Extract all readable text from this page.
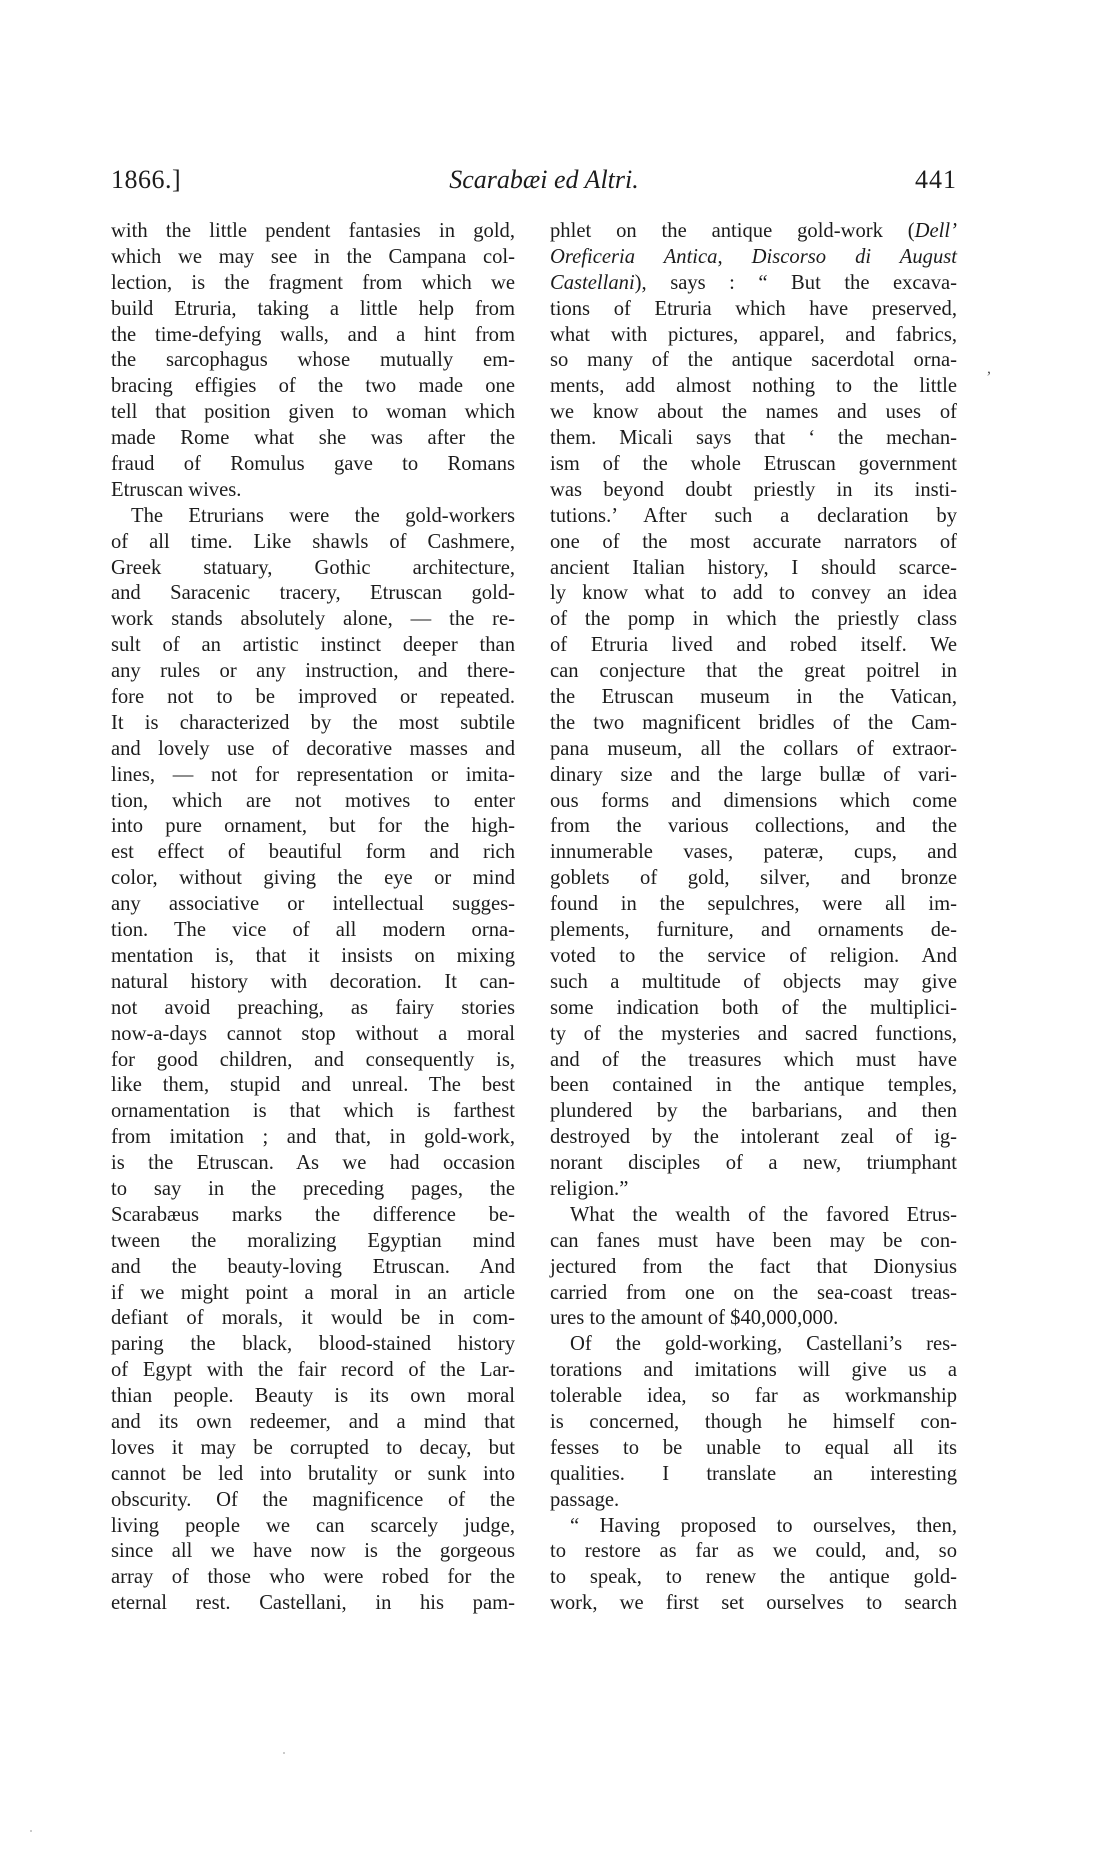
1866.]	Scarabæi ed Altri.	441
with the little pendent fantasies in gold,
which we may see in the Campana col-
lection, is the fragment from which we
build Etruria, taking a little help from
the time-defying walls, and a hint from
the sarcophagus whose mutually em-
bracing effigies of the two made one
tell that position given to woman which
made Rome what she was after the
fraud of Romulus gave to Romans
Etruscan wives.
The Etrurians were the gold-workers
of all time. Like shawls of Cashmere,
Greek statuary, Gothic architecture,
and Saracenic tracery, Etruscan gold-
work stands absolutely alone, — the re-
sult of an artistic instinct deeper than
any rules or any instruction, and there-
fore not to be improved or repeated.
It is characterized by the most subtile
and lovely use of decorative masses and
lines, — not for representation or imita-
tion, which are not motives to enter
into pure ornament, but for the high-
est effect of beautiful form and rich
color, without giving the eye or mind
any associative or intellectual sugges-
tion. The vice of all modern orna-
mentation is, that it insists on mixing
natural history with decoration. It can-
not avoid preaching, as fairy stories
now-a-days cannot stop without a moral
for good children, and consequently is,
like them, stupid and unreal. The best
ornamentation is that which is farthest
from imitation ; and that, in gold-work,
is the Etruscan. As we had occasion
to say in the preceding pages, the
Scarabæus marks the difference be-
tween the moralizing Egyptian mind
and the beauty-loving Etruscan. And
if we might point a moral in an article
defiant of morals, it would be in com-
paring the black, blood-stained history
of Egypt with the fair record of the Lar-
thian people. Beauty is its own moral
and its own redeemer, and a mind that
loves it may be corrupted to decay, but
cannot be led into brutality or sunk into
obscurity. Of the magnificence of the
living people we can scarcely judge,
since all we have now is the gorgeous
array of those who were robed for the
eternal rest. Castellani, in his pam-
phlet on the antique gold-work (Dell’
Oreficeria Antica, Discorso di August
Castellani), says : “ But the excava-
tions of Etruria which have preserved,
what with pictures, apparel, and fabrics,
so many of the antique sacerdotal orna-
ments, add almost nothing to the little
we know about the names and uses of
them. Micali says that ‘ the mechan-
ism of the whole Etruscan government
was beyond doubt priestly in its insti-
tutions.’ After such a declaration by
one of the most accurate narrators of
ancient Italian history, I should scarce-
ly know what to add to convey an idea
of the pomp in which the priestly class
of Etruria lived and robed itself. We
can conjecture that the great poitrel in
the Etruscan museum in the Vatican,
the two magnificent bridles of the Cam-
pana museum, all the collars of extraor-
dinary size and the large bullæ of vari-
ous forms and dimensions which come
from the various collections, and the
innumerable vases, pateræ, cups, and
goblets of gold, silver, and bronze
found in the sepulchres, were all im-
plements, furniture, and ornaments de-
voted to the service of religion. And
such a multitude of objects may give
some indication both of the multiplici-
ty of the mysteries and sacred functions,
and of the treasures which must have
been contained in the antique temples,
plundered by the barbarians, and then
destroyed by the intolerant zeal of ig-
norant disciples of a new, triumphant
religion.”
What the wealth of the favored Etrus-
can fanes must have been may be con-
jectured from the fact that Dionysius
carried from one on the sea-coast treas-
ures to the amount of $40,000,000.
Of the gold-working, Castellani’s res-
torations and imitations will give us a
tolerable idea, so far as workmanship
is concerned, though he himself con-
fesses to be unable to equal all its
qualities. I translate an interesting
passage.
“ Having proposed to ourselves, then,
to restore as far as we could, and, so
to speak, to renew the antique gold-
work, we first set ourselves to search
,
